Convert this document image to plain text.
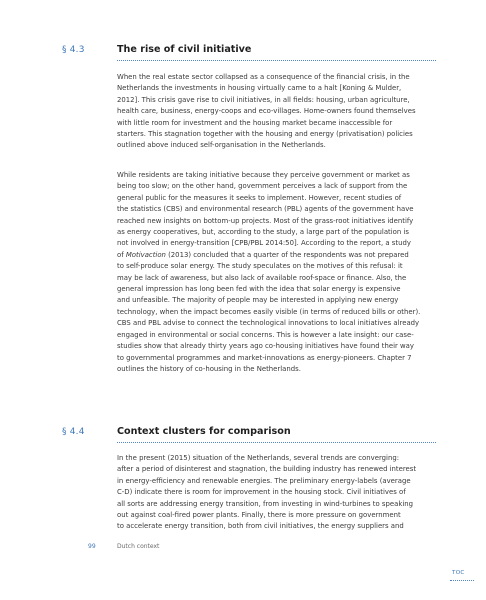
§ 4.3	The rise of civil initiative

When the real estate sector collapsed as a consequence of the financial crisis, in the
Netherlands the investments in housing virtually came to a halt [Koning & Mulder,
2012]. This crisis gave rise to civil initiatives, in all fields: housing, urban agriculture,
health care, business, energy-coops and eco-villages. Home-owners found themselves
with little room for investment and the housing market became inaccessible for
starters. This stagnation together with the housing and energy (privatisation) policies
outlined above induced self-organisation in the Netherlands.

While residents are taking initiative because they perceive government or market as
being too slow; on the other hand, government perceives a lack of support from the
general public for the measures it seeks to implement. However, recent studies of
the statistics (CBS) and environmental research (PBL) agents of the government have
reached new insights on bottom-up projects. Most of the grass-root initiatives identify
as energy cooperatives, but, according to the study, a large part of the population is
not involved in energy-transition [CPB/PBL 2014:50]. According to the report, a study
of Motivaction (2013) concluded that a quarter of the respondents was not prepared
to self-produce solar energy. The study speculates on the motives of this refusal: it
may be lack of awareness, but also lack of available roof-space or finance. Also, the
general impression has long been fed with the idea that solar energy is expensive
and unfeasible. The majority of people may be interested in applying new energy
technology, when the impact becomes easily visible (in terms of reduced bills or other).
CBS and PBL advise to connect the technological innovations to local initiatives already
engaged in environmental or social concerns. This is however a late insight: our case-
studies show that already thirty years ago co-housing initiatives have found their way
to governmental programmes and market-innovations as energy-pioneers. Chapter 7
outlines the history of co-housing in the Netherlands.

§ 4.4	Context clusters for comparison

In the present (2015) situation of the Netherlands, several trends are converging:
after a period of disinterest and stagnation, the building industry has renewed interest
in energy-efficiency and renewable energies. The preliminary energy-labels (average
C-D) indicate there is room for improvement in the housing stock. Civil initiatives of
all sorts are addressing energy transition, from investing in wind-turbines to speaking
out against coal-fired power plants. Finally, there is more pressure on government
to accelerate energy transition, both from civil initiatives, the energy suppliers and

99	Dutch context
TOC
